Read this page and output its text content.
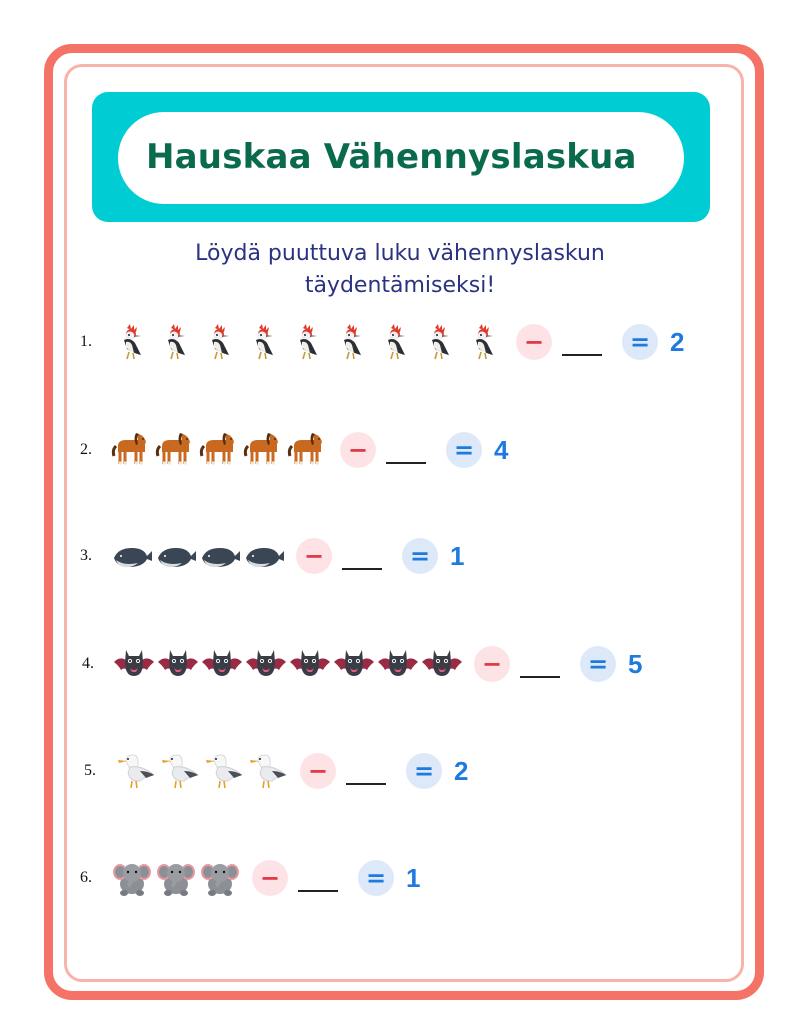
Hauskaa Vähennyslaskua
Löydä puuttuva luku vähennyslaskun
täydentämiseksi!
1.	−	= 2
2.	−	= 4
3.	−	= 1
4.	−	= 5
5.	−	= 2
6.	−	= 1
